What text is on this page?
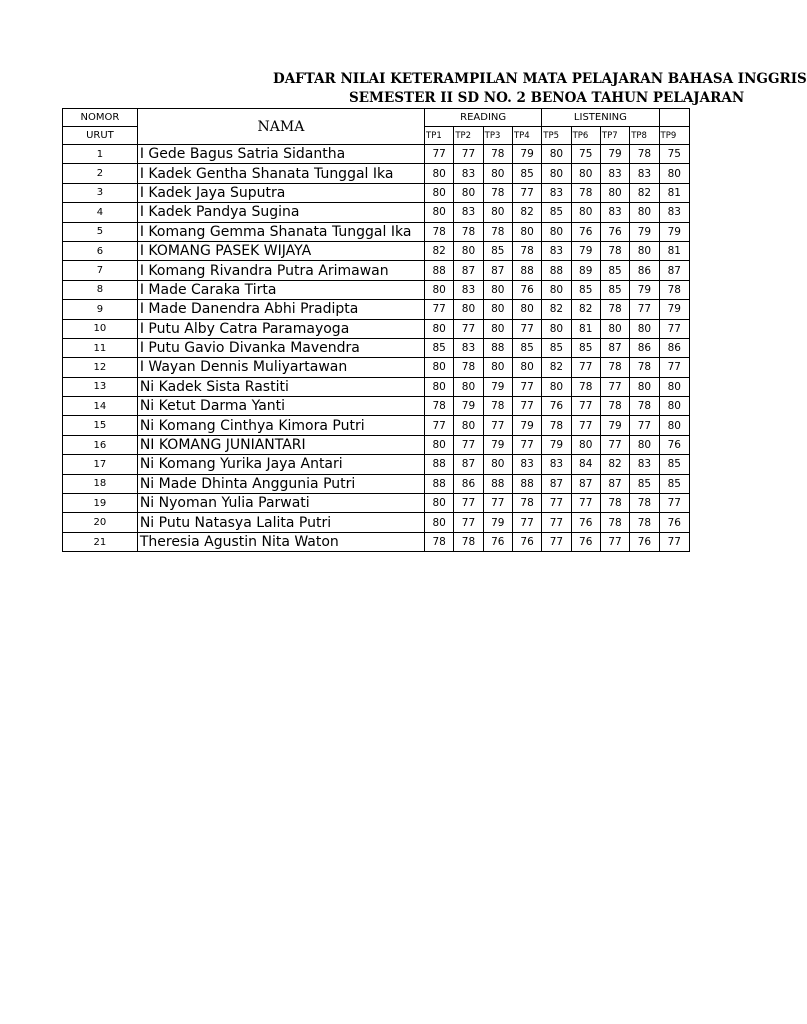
DAFTAR NILAI KETERAMPILAN MATA PELAJARAN BAHASA INGGRIS
SEMESTER II SD NO. 2 BENOA TAHUN PELAJARAN
NOMOR	NAMA	READING				LISTENING				
URUT		TP1	TP2	TP3	TP4	TP5	TP6	TP7	TP8	TP9
1	I Gede Bagus Satria Sidantha	77	77	78	79	80	75	79	78	75
2	I Kadek Gentha Shanata Tunggal Ika	80	83	80	85	80	80	83	83	80
3	I Kadek Jaya Suputra	80	80	78	77	83	78	80	82	81
4	I Kadek Pandya Sugina	80	83	80	82	85	80	83	80	83
5	I Komang Gemma Shanata Tunggal Ika	78	78	78	80	80	76	76	79	79
6	I KOMANG PASEK WIJAYA	82	80	85	78	83	79	78	80	81
7	I Komang Rivandra Putra Arimawan	88	87	87	88	88	89	85	86	87
8	I Made Caraka Tirta	80	83	80	76	80	85	85	79	78
9	I Made Danendra Abhi Pradipta	77	80	80	80	82	82	78	77	79
10	I Putu Alby Catra Paramayoga	80	77	80	77	80	81	80	80	77
11	I Putu Gavio Divanka Mavendra	85	83	88	85	85	85	87	86	86
12	I Wayan Dennis Muliyartawan	80	78	80	80	82	77	78	78	77
13	Ni Kadek Sista Rastiti	80	80	79	77	80	78	77	80	80
14	Ni Ketut Darma Yanti	78	79	78	77	76	77	78	78	80
15	Ni Komang Cinthya Kimora Putri	77	80	77	79	78	77	79	77	80
16	NI KOMANG JUNIANTARI	80	77	79	77	79	80	77	80	76
17	Ni Komang Yurika Jaya Antari	88	87	80	83	83	84	82	83	85
18	Ni Made Dhinta Anggunia Putri	88	86	88	88	87	87	87	85	85
19	Ni Nyoman Yulia Parwati	80	77	77	78	77	77	78	78	77
20	Ni Putu Natasya Lalita Putri	80	77	79	77	77	76	78	78	76
21	Theresia Agustin Nita Waton	78	78	76	76	77	76	77	76	77
